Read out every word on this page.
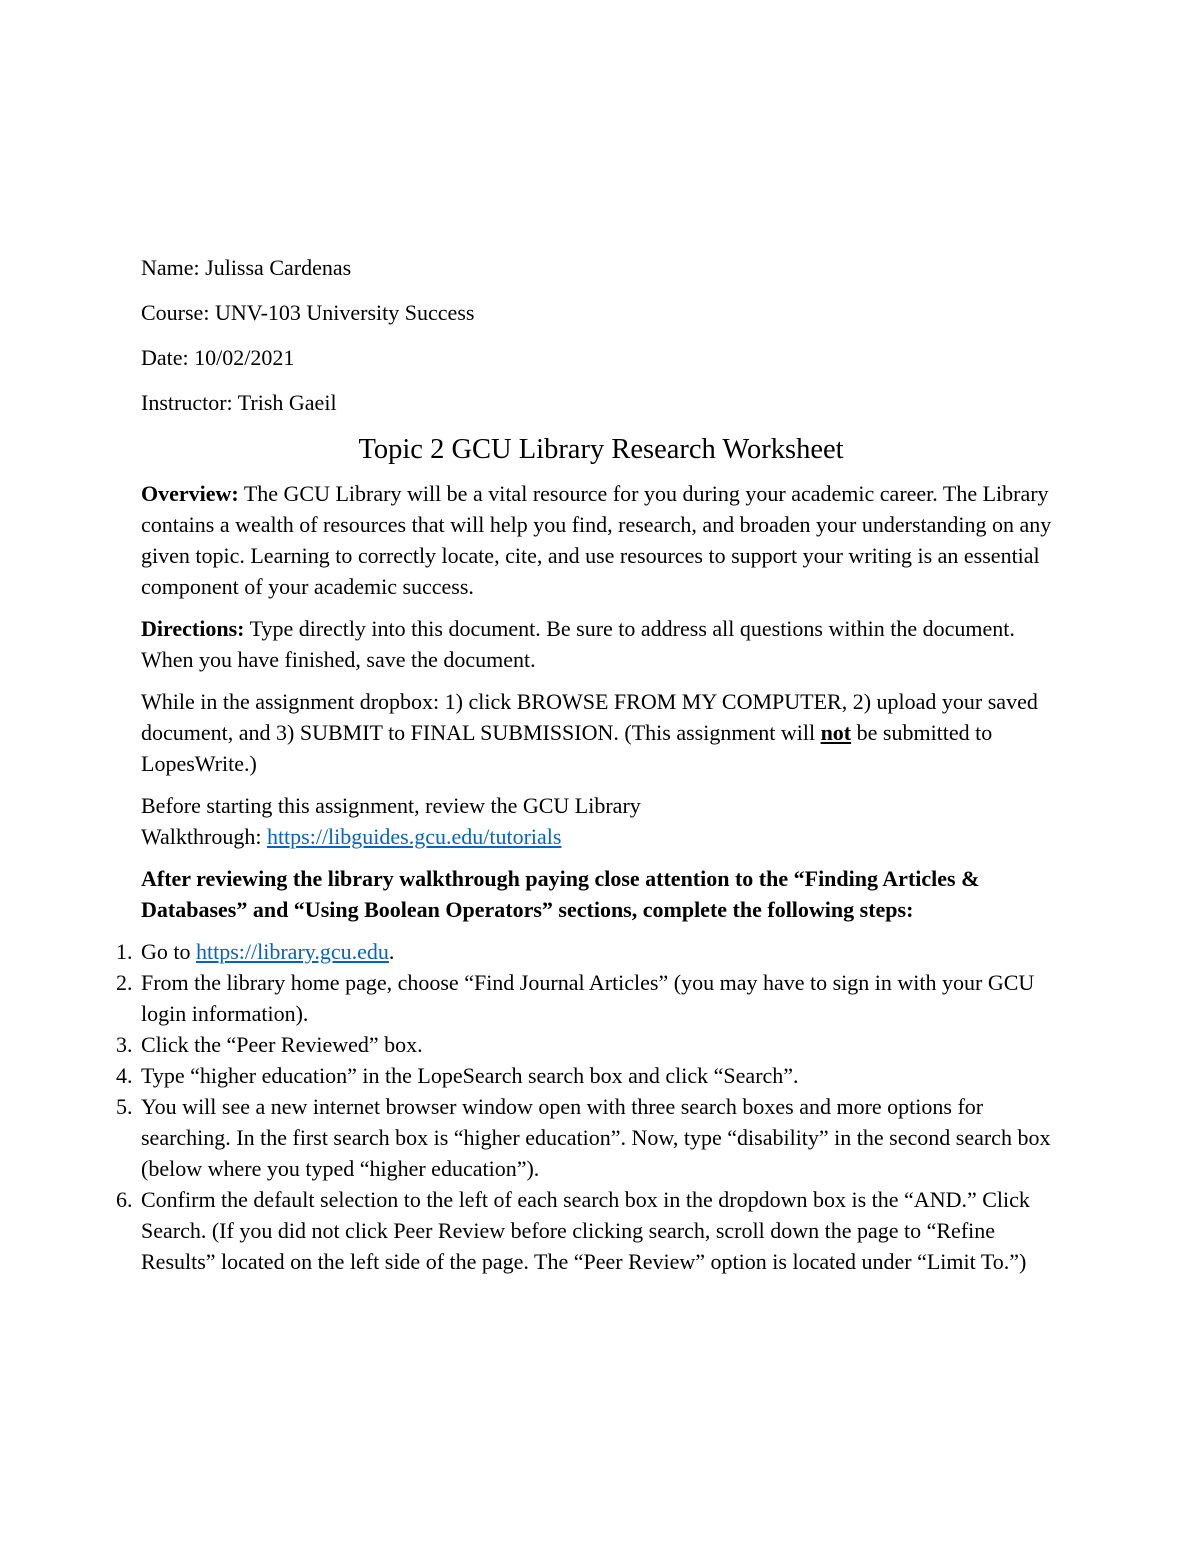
Name: Julissa Cardenas

Course: UNV-103 University Success

Date: 10/02/2021

Instructor: Trish Gaeil

Topic 2 GCU Library Research Worksheet

Overview: The GCU Library will be a vital resource for you during your academic career. The Library contains a wealth of resources that will help you find, research, and broaden your understanding on any given topic. Learning to correctly locate, cite, and use resources to support your writing is an essential component of your academic success.

Directions: Type directly into this document. Be sure to address all questions within the document. When you have finished, save the document.

While in the assignment dropbox: 1) click BROWSE FROM MY COMPUTER, 2) upload your saved document, and 3) SUBMIT to FINAL SUBMISSION. (This assignment will not be submitted to LopesWrite.)

Before starting this assignment, review the GCU Library
Walkthrough: https://libguides.gcu.edu/tutorials

After reviewing the library walkthrough paying close attention to the “Finding Articles & Databases” and “Using Boolean Operators” sections, complete the following steps:

1. Go to https://library.gcu.edu.
2. From the library home page, choose “Find Journal Articles” (you may have to sign in with your GCU login information).
3. Click the “Peer Reviewed” box.
4. Type “higher education” in the LopeSearch search box and click “Search”.
5. You will see a new internet browser window open with three search boxes and more options for searching. In the first search box is “higher education”. Now, type “disability” in the second search box (below where you typed “higher education”).
6. Confirm the default selection to the left of each search box in the dropdown box is the “AND.” Click Search. (If you did not click Peer Review before clicking search, scroll down the page to “Refine Results” located on the left side of the page. The “Peer Review” option is located under “Limit To.”)
